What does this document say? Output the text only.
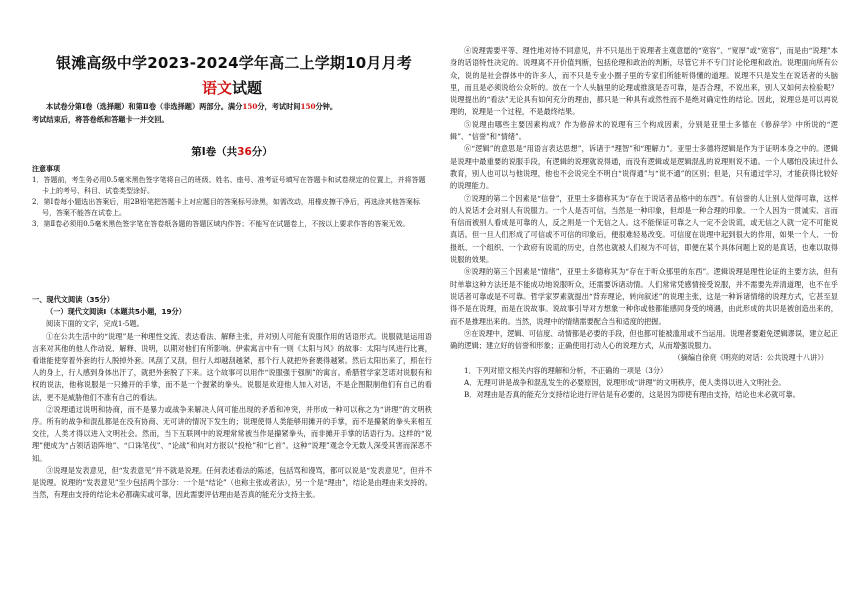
银滩高级中学2023-2024学年高二上学期10月月考
语文试题

本试卷分第Ⅰ卷（选择题）和第Ⅱ卷（非选择题）两部分。满分150分，考试时间150分钟。

考试结束后，将答卷纸和答题卡一并交回。

第Ⅰ卷（共36分）

注意事项

1．答题前，考生务必用0.5毫米黑色签字笔将自己的班级、姓名、座号、准考证号填写在答题卡和试卷规定的位置上，并将答题卡上的考号、科目、试卷类型涂好。

2．第Ⅰ卷每小题选出答案后，用2B铅笔把答题卡上对应题目的答案标号涂黑，如需改动，用橡皮擦干净后，再选涂其他答案标号，答案不能答在试卷上。

3．第Ⅱ卷必须用0.5毫米黑色签字笔在答卷纸各题的答题区域内作答；不能写在试题卷上，不按以上要求作答的答案无效。

一、现代文阅读（35分）

（一）现代文阅读Ⅰ（本题共5小题，19分）

阅读下面的文字，完成1-5题。

①在公共生活中的“说理”是一种理性交流、表达看法、解释主张，并对别人可能有说服作用的话语形式。说服就是运用语言来对其他的他人作动说、解释、说明，以期对他们有所影响。伊索寓言中有一则《太阳与风》的故事：太阳与风进行比赛，看谁能使穿着外套的行人脱掉外套。风刮了又刮，但行人却越刮越紧，那个行人就把外套裹得越紧。然后太阳出来了，照在行人的身上，行人感到身体出汗了，就把外套脱了下来。这个故事可以用作“说服强于强制”的寓言。希腊哲学家芝诺对说服有和权的说法，他称说服是一只摊开的手掌，而不是一个握紧的拳头。说服是欢迎他人加入对话，不是企图限制他们有自己的看法，更不是威胁他们不准有自己的看法。

②说理通过说明和协商，而不是暴力或战争来解决人间可能出现的矛盾和冲突，并形成一种可以称之为“讲理”的文明秩序。所有的战争和混乱都是在没有协商、无可讲的情况下发生的；说理使得人类能够用摊开的手掌，而不是攥紧的拳头来相互交往，人类才得以进入文明社会。然而，当下互联网中的说理常常被当作是攥紧拳头，而非摊开手掌的话语行为。这样的“说理”便成为“占领话语阵地”、“口诛笔伐”、“论战”和向对方报以“投枪”和“匕首”。这种“说理”观念令无数人深受其害而深恶不知。

③说理是发表意见，但“发表意见”并不就是说理。任何表述看法的陈述，包括骂和谩骂，都可以说是“发表意见”，但并不是说理。说理的“发表意见”至少包括两个部分：一个是“结论”（也称主张或者法），另一个是“理由”，结论是由理由来支持的。当然，有理由支持的结论未必都确实或可靠，因此需要评估理由是否真的能充分支持主张。

④说理需要平等、理性地对待不同意见，并不只是出于说理者主观意愿的“宽容”、“宽厚”或“宽容”，而是由“说理”本身的话语特性决定的。说理离不开价值判断，包括伦理和政治的判断，尽管它并不专门讨论伦理和政治。说理面向所有公众，说的是社会群体中的许多人，而不只是专业小圈子里的专家们所能听得懂的道理。说理不只是发生在说话者的头脑里，而且是必须说给公众听的。放在一个人头脑里的论理或推演是否可靠，是否合理，不说出来，别人又如何去检验呢？说理提出的“看法”无论具有如何充分的理由，都只是一种具有或然性而不是绝对确定性的结论。因此，说理总是可以再说理的，说理是一个过程，不是最终结果。

⑤说理由哪些主要因素构成？作为修辞术的说理有三个构成因素，分别是亚里士多德在《修辞学》中所说的“逻辑”、“信誉”和“情绪”。

⑥“逻辑”的意思是“用语言表达思想”，诉诸于“理智”和“理解力”。亚里士多德将逻辑是作为于证明本身之中的。逻辑是说理中最重要的说服手段，有逻辑的说理就说得通，而没有逻辑或是逻辑混乱的说理则说不通。一个人哪怕没读过什么教育，别人也可以与他说理，他也不会说完全不明白“说得通”与“说不通”的区别；但是，只有通过学习，才能获得比较好的说理能力。

⑦说理的第二个因素是“信誉”，亚里士多德称其为“存在于说话者品格中的东西”。有信誉的人让别人觉得可靠，这样的人说话才会对别人有说服力。一个人是否可信，当然是一种印象，但却是一种合理的印象。一个人因为一贯诚实、言而有信而被别人看成是可靠的人，反之则是一个无信之人。这不能保证可靠之人一定不会说谎，或无信之人就一定不可能说真话。但一旦人们形成了可信或不可信的印象后，便很难轻易改变。可信度在说理中起到很大的作用，如果一个人、一份报纸、一个组织、一个政府有说谎的历史，自然也就被人们视为不可信，即便在某个具体问题上说的是真话，也难以取得说服的效果。

⑧说理的第三个因素是“情绪”，亚里士多德称其为“存在于听众那里的东西”。逻辑说理是理性论证的主要方法，但有时单靠这种方法还是不能成功地说服听众，还需要诉诸动情。人们常常凭感情接受说服，并不需要先弄清道理，也不在乎说话者可靠或是不可靠。哲学家罗素就提出“背弃理论，转向叙述”的说理主张，这是一种诉诸情绪的说理方式，它甚至显得不是在说理，而是在说故事。说故事引导对方想象一种你或他都能感同身受的境遇，由此形成的共识是被创造出来的，而不是推理出来的。当然，说理中的情绪需要配合当和适度的把握。

⑨在说理中，逻辑、可信度、动情都是必要的手段，但也都可能被滥用或不当运用。说理者要避免逻辑谬误，建立起正确的逻辑；建立好的信誉和形象；正确使用打动人心的说理方式，从而增强说服力。

（摘编自徐贲《明亮的对话：公共说理十八讲》）

1．下列对原文相关内容的理解和分析，不正确的一项是（3分）

A．无理可讲是战争和混乱发生的必要原因，说理形成“讲理”的文明秩序，使人类得以进入文明社会。

B．对理由是否真的能充分支持结论进行评估是有必要的，这是因为即使有理由支持，结论也未必就可靠。
